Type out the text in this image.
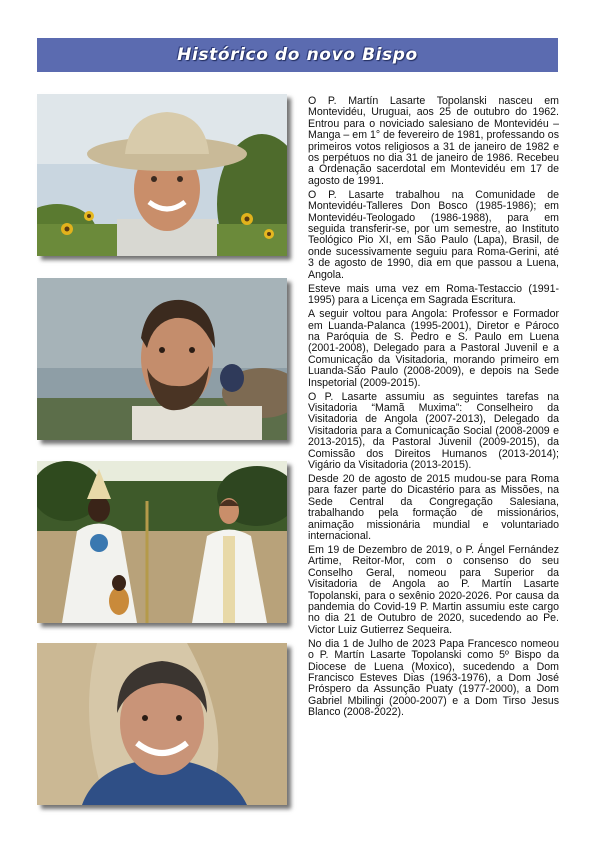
Histórico do novo Bispo

O P. Martín Lasarte Topolanski nasceu em Montevidéu, Uruguai, aos 25 de outubro do 1962. Entrou para o noviciado salesiano de Montevidéu – Manga – em 1° de fevereiro de 1981, professando os primeiros votos religiosos a 31 de janeiro de 1982 e os perpétuos no dia 31 de janeiro de 1986. Recebeu a Ordenação sacerdotal em Montevidéu em 17 de agosto de 1991.

O P. Lasarte trabalhou na Comunidade de Montevidéu-Talleres Don Bosco (1985-1986); em Montevidéu-Teologado (1986-1988), para em seguida transferir-se, por um semestre, ao Instituto Teológico Pio XI, em São Paulo (Lapa), Brasil, de onde sucessivamente seguiu para Roma-Gerini, até 3 de agosto de 1990, dia em que passou a Luena, Angola.

Esteve mais uma vez em Roma-Testaccio (1991-1995) para a Licença em Sagrada Escritura.

A seguir voltou para Angola: Professor e Formador em Luanda-Palanca (1995-2001), Diretor e Pároco na Paróquia de S. Pedro e S. Paulo em Luena (2001-2008), Delegado para a Pastoral Juvenil e a Comunicação da Visitadoria, morando primeiro em Luanda-São Paulo (2008-2009), e depois na Sede Inspetorial (2009-2015).

O P. Lasarte assumiu as seguintes tarefas na Visitadoria “Mamã Muxima”: Conselheiro da Visitadoria de Angola (2007-2013), Delegado da Visitadoria para a Comunicação Social (2008-2009 e 2013-2015), da Pastoral Juvenil (2009-2015), da Comissão dos Direitos Humanos (2013-2014); Vigário da Visitadoria (2013-2015).

Desde 20 de agosto de 2015 mudou-se para Roma para fazer parte do Dicastério para as Missões, na Sede Central da Congregação Salesiana, trabalhando pela formação de missionários, animação missionária mundial e voluntariado internacional.

Em 19 de Dezembro de 2019, o P. Ángel Fernández Artime, Reitor-Mor, com o consenso do seu Conselho Geral, nomeou para Superior da Visitadoria de Angola ao P. Martín Lasarte Topolanski, para o sexênio 2020-2026. Por causa da pandemia do Covid-19 P. Martin assumiu este cargo no dia 21 de Outubro de 2020, sucedendo ao Pe. Victor Luiz Gutierrez Sequeira.

No dia 1 de Julho de 2023 Papa Francesco nomeou o P. Martín Lasarte Topolanski como 5º Bispo da Diocese de Luena (Moxico), sucedendo a Dom Francisco Esteves Dias (1963-1976), a Dom José Próspero da Assunção Puaty (1977-2000), a Dom Gabriel Mbilingi (2000-2007) e a Dom Tirso Jesus Blanco (2008-2022).
